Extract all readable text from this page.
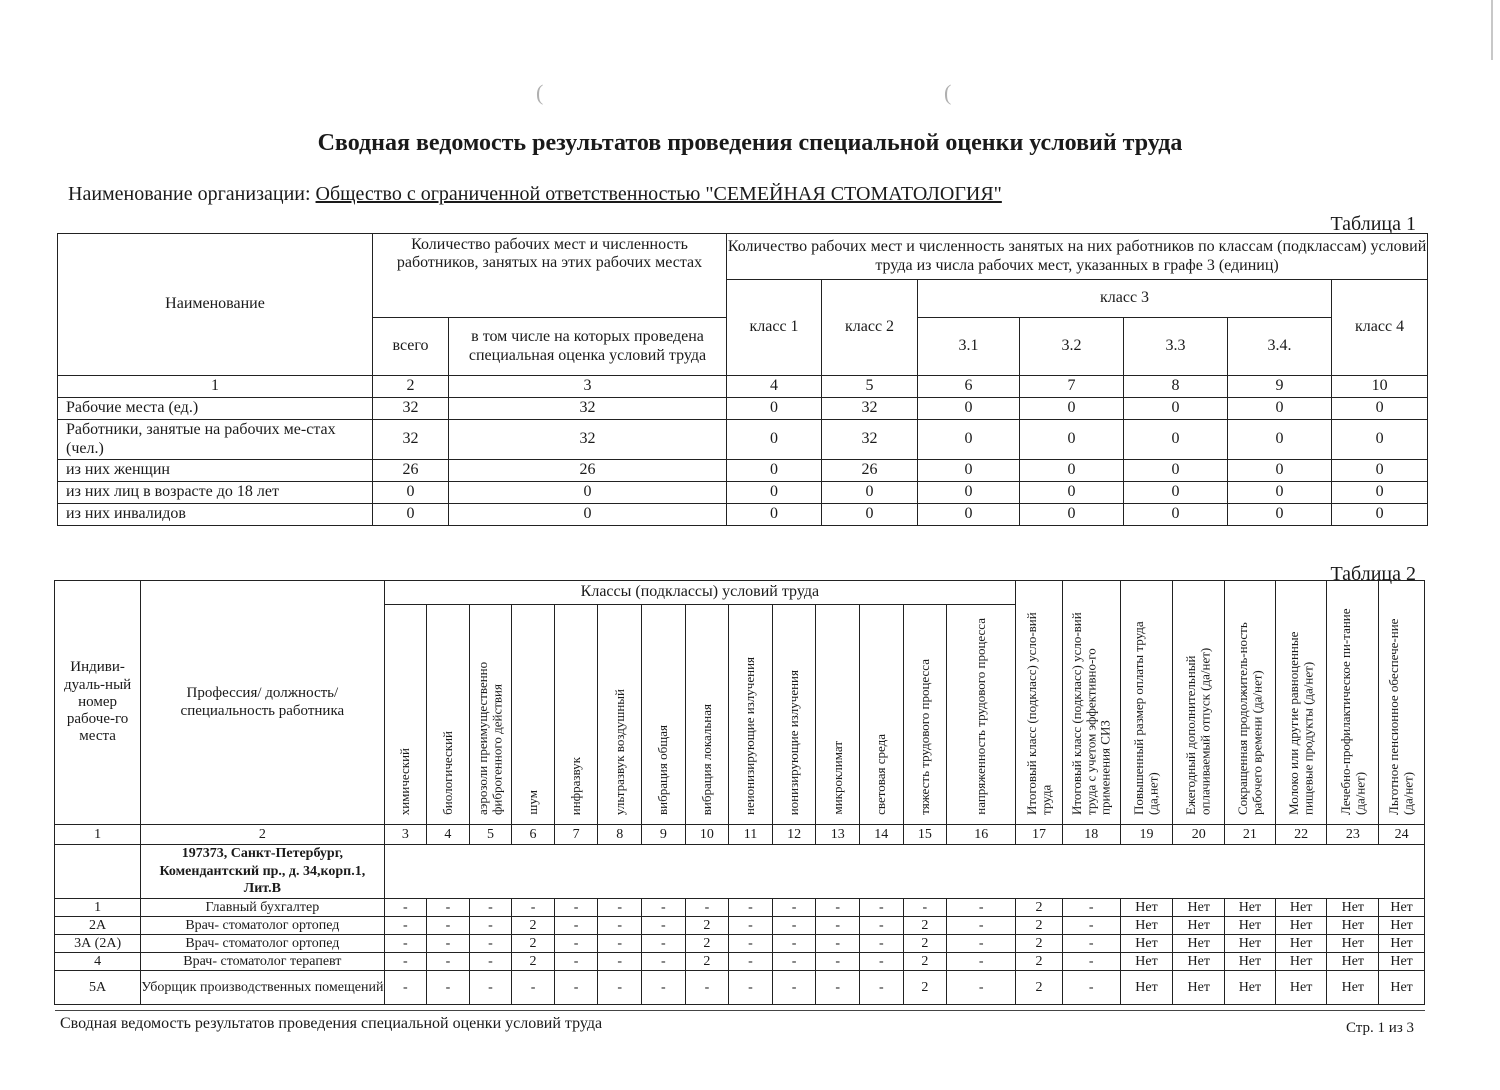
(	(
Сводная ведомость результатов проведения специальной оценки условий труда
Наименование организации: Общество с ограниченной ответственностью "СЕМЕЙНАЯ СТОМАТОЛОГИЯ"
Таблица 1
Наименование	Количество рабочих мест и численность работников, занятых на этих рабочих местах		Количество рабочих мест и численность занятых на них работников по классам (подклассам) условий труда из числа рабочих мест, указанных в графе 3 (единиц)						
			класс 1	класс 2	класс 3				класс 4
	всего	в том числе на которых проведена специальная оценка условий труда			3.1	3.2	3.3	3.4.	
1	2	3	4	5	6	7	8	9	10
Рабочие места (ед.)	32	32	0	32	0	0	0	0	0
Работники, занятые на рабочих ме-стах (чел.)	32	32	0	32	0	0	0	0	0
из них женщин	26	26	0	26	0	0	0	0	0
из них лиц в возрасте до 18 лет	0	0	0	0	0	0	0	0	0
из них инвалидов	0	0	0	0	0	0	0	0	0
Таблица 2
Индиви-дуаль-ный номер рабоче-го места	Профессия/ должность/ специальность работника	Классы (подклассы) условий труда														Итоговый класс (подкласс) усло-вий труда	Итоговый класс (подкласс) усло-вий труда с учетом эффективно-го применения СИЗ	Повышенный размер оплаты труда (да,нет)	Ежегодный дополнительный оплачиваемый отпуск (да/нет)	Сокращенная продолжитель-ность рабочего времени (да/нет)	Молоко или другие равноценные пищевые продукты (да/нет)	Лечебно-профилактическое пи-тание (да/нет)	Льготное пенсионное обеспече-ние (да/нет)
		химический	биологический	аэрозоли преимущественно фиброгенного действия	шум	инфразвук	ультразвук воздушный	вибрация общая	вибрация локальная	неионизирующие излучения	ионизирующие излучения	микроклимат	световая среда	тяжесть трудового процесса	напряженность трудового процесса								
1	2	3	4	5	6	7	8	9	10	11	12	13	14	15	16	17	18	19	20	21	22	23	24
	197373, Санкт-Петербург, Комендантский пр., д. 34,корп.1, Лит.В																						
1	Главный бухгалтер	-	-	-	-	-	-	-	-	-	-	-	-	-	-	2	-	Нет	Нет	Нет	Нет	Нет	Нет
2А	Врач- стоматолог ортопед	-	-	-	2	-	-	-	2	-	-	-	-	2	-	2	-	Нет	Нет	Нет	Нет	Нет	Нет
3А (2А)	Врач- стоматолог ортопед	-	-	-	2	-	-	-	2	-	-	-	-	2	-	2	-	Нет	Нет	Нет	Нет	Нет	Нет
4	Врач- стоматолог терапевт	-	-	-	2	-	-	-	2	-	-	-	-	2	-	2	-	Нет	Нет	Нет	Нет	Нет	Нет
5А	Уборщик производственных помещений	-	-	-	-	-	-	-	-	-	-	-	-	2	-	2	-	Нет	Нет	Нет	Нет	Нет	Нет
Сводная ведомость результатов проведения специальной оценки условий труда	Стр. 1 из 3
